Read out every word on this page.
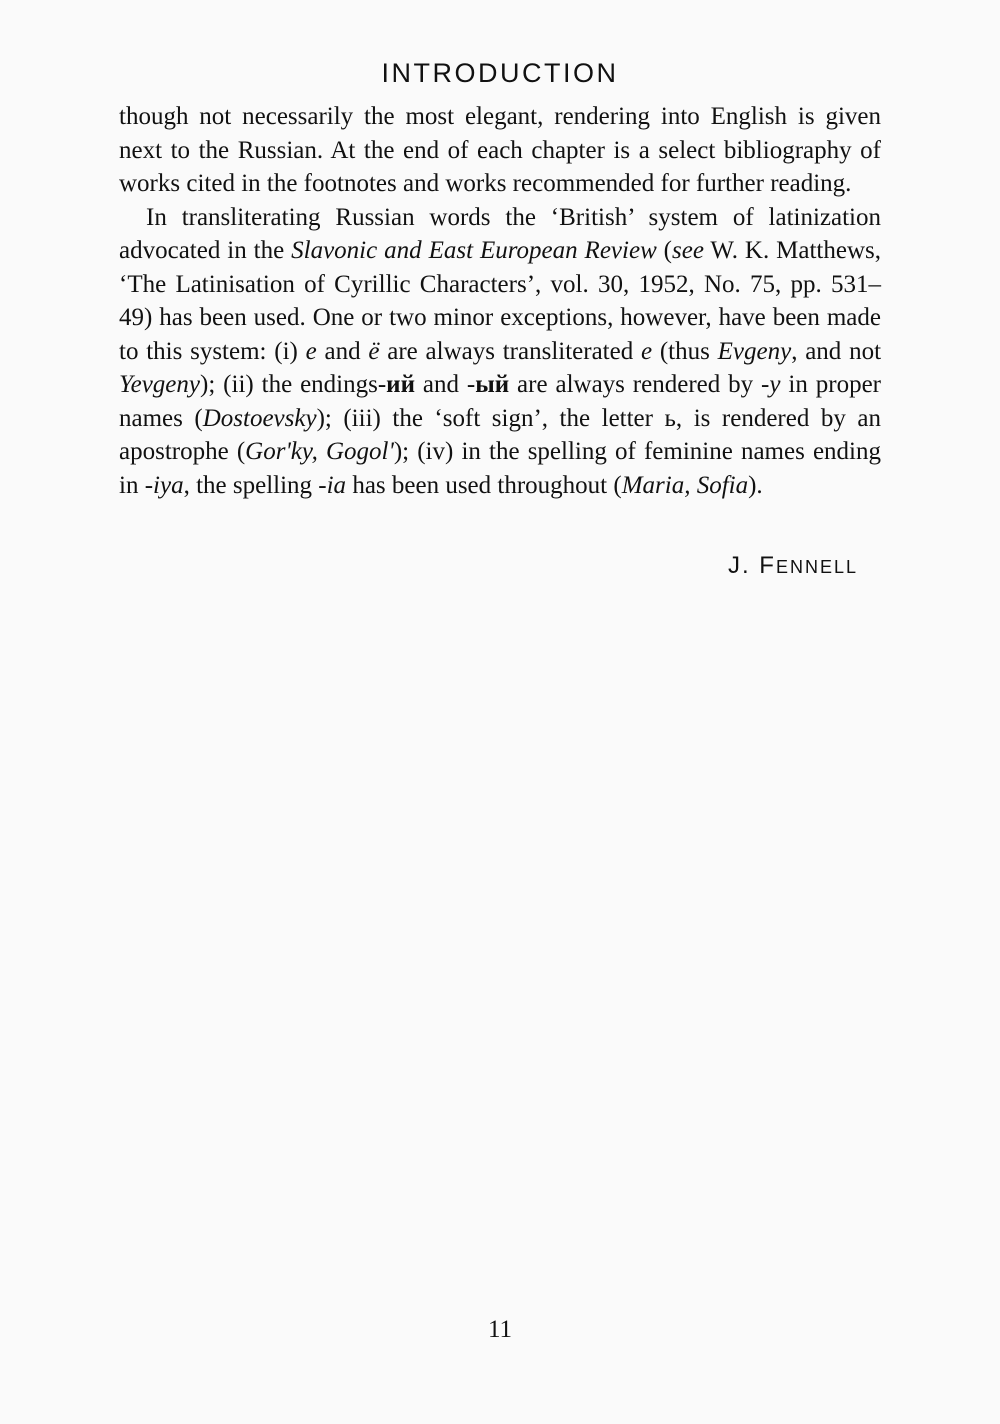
INTRODUCTION

though not necessarily the most elegant, rendering into English is given next to the Russian. At the end of each chapter is a select bibliography of works cited in the footnotes and works recommended for further reading.

In transliterating Russian words the ‘British’ system of latinization advocated in the Slavonic and East European Review (see W. K. Matthews, ‘The Latinisation of Cyrillic Characters’, vol. 30, 1952, No. 75, pp. 531–49) has been used. One or two minor exceptions, however, have been made to this system: (i) e and ë are always transliterated e (thus Evgeny, and not Yevgeny); (ii) the endings-ий and -ый are always rendered by -y in proper names (Dostoevsky); (iii) the ‘soft sign’, the letter ь, is rendered by an apostrophe (Gor'ky, Gogol'); (iv) in the spelling of feminine names ending in -iya, the spelling -ia has been used throughout (Maria, Sofia).

J. FENNELL
11
